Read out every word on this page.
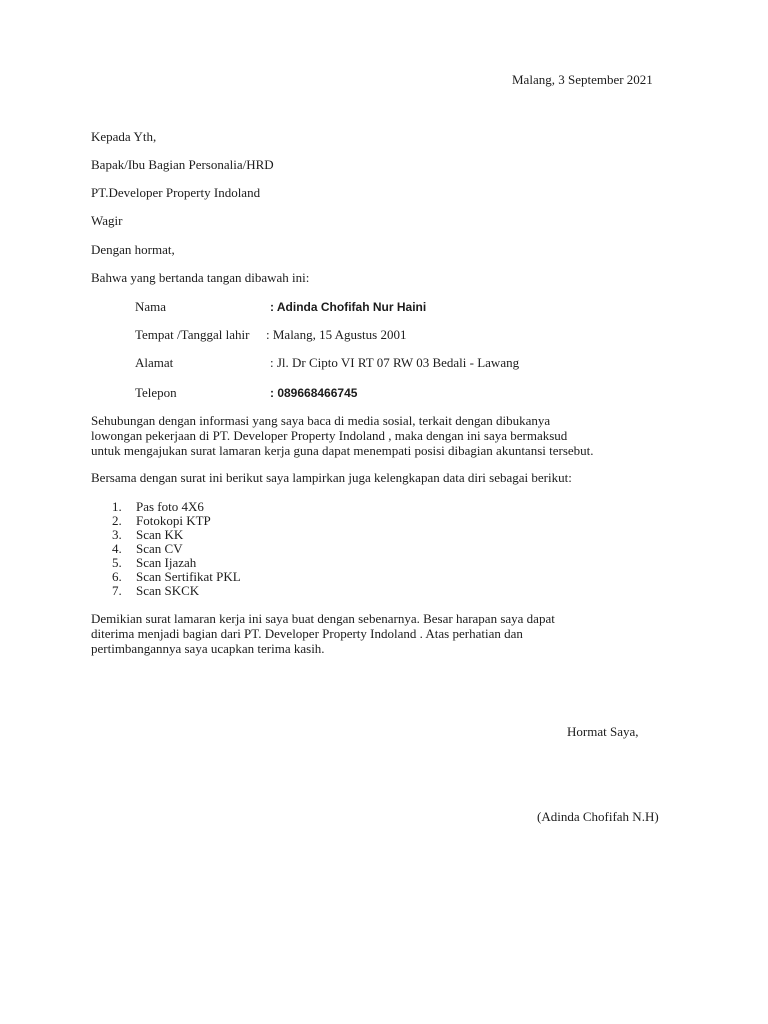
Malang, 3 September 2021
Kepada Yth,
Bapak/Ibu Bagian Personalia/HRD
PT.Developer Property Indoland
Wagir
Dengan hormat,
Bahwa yang bertanda tangan dibawah ini:
Nama	: Adinda Chofifah Nur Haini
Tempat /Tanggal lahir : Malang, 15 Agustus 2001
Alamat	: Jl. Dr Cipto VI RT 07 RW 03 Bedali - Lawang
Telepon	: 089668466745
Sehubungan dengan informasi yang saya baca di media sosial, terkait dengan dibukanya
lowongan pekerjaan di PT. Developer Property Indoland , maka dengan ini saya bermaksud
untuk mengajukan surat lamaran kerja guna dapat menempati posisi dibagian akuntansi tersebut.
Bersama dengan surat ini berikut saya lampirkan juga kelengkapan data diri sebagai berikut:
1. Pas foto 4X6
2. Fotokopi KTP
3. Scan KK
4. Scan CV
5. Scan Ijazah
6. Scan Sertifikat PKL
7. Scan SKCK
Demikian surat lamaran kerja ini saya buat dengan sebenarnya. Besar harapan saya dapat
diterima menjadi bagian dari PT. Developer Property Indoland . Atas perhatian dan
pertimbangannya saya ucapkan terima kasih.
Hormat Saya,
(Adinda Chofifah N.H)
